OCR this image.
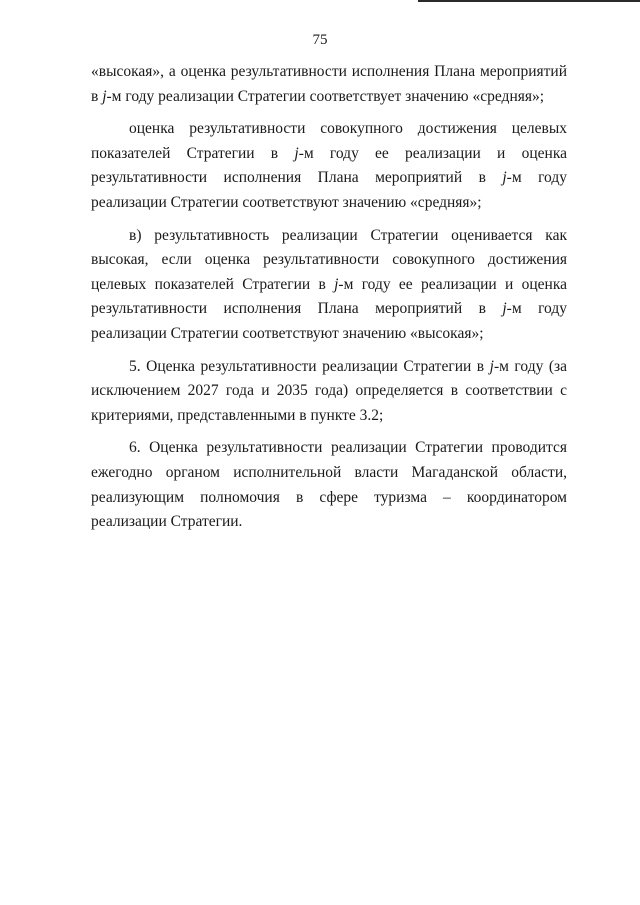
75

«высокая», а оценка результативности исполнения Плана мероприятий в j-м году реализации Стратегии соответствует значению «средняя»;

оценка результативности совокупного достижения целевых показателей Стратегии в j-м году ее реализации и оценка результативности исполнения Плана мероприятий в j-м году реализации Стратегии соответствуют значению «средняя»;

в) результативность реализации Стратегии оценивается как высокая, если оценка результативности совокупного достижения целевых показателей Стратегии в j-м году ее реализации и оценка результативности исполнения Плана мероприятий в j-м году реализации Стратегии соответствуют значению «высокая»;

5. Оценка результативности реализации Стратегии в j-м году (за исключением 2027 года и 2035 года) определяется в соответствии с критериями, представленными в пункте 3.2;

6. Оценка результативности реализации Стратегии проводится ежегодно органом исполнительной власти Магаданской области, реализующим полномочия в сфере туризма – координатором реализации Стратегии.
